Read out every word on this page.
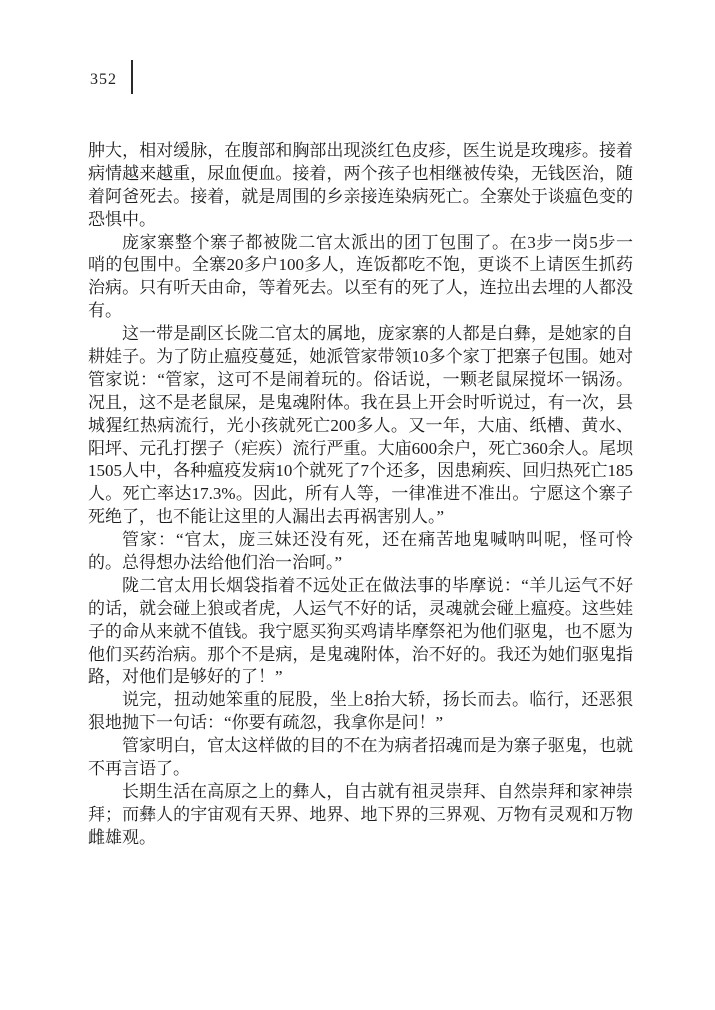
352
肿大，相对缓脉，在腹部和胸部出现淡红色皮疹，医生说是玫瑰疹。接着
病情越来越重，尿血便血。接着，两个孩子也相继被传染，无钱医治，随
着阿爸死去。接着，就是周围的乡亲接连染病死亡。全寨处于谈瘟色变的
恐惧中。
庞家寨整个寨子都被陇二官太派出的团丁包围了。在3步一岗5步一
哨的包围中。全寨20多户100多人，连饭都吃不饱，更谈不上请医生抓药
治病。只有听天由命，等着死去。以至有的死了人，连拉出去埋的人都没
有。
这一带是副区长陇二官太的属地，庞家寨的人都是白彝，是她家的自
耕娃子。为了防止瘟疫蔓延，她派管家带领10多个家丁把寨子包围。她对
管家说：“管家，这可不是闹着玩的。俗话说，一颗老鼠屎搅坏一锅汤。
况且，这不是老鼠屎，是鬼魂附体。我在县上开会时听说过，有一次，县
城猩红热病流行，光小孩就死亡200多人。又一年，大庙、纸槽、黄水、
阳坪、元孔打摆子（疟疾）流行严重。大庙600余户，死亡360余人。尾坝
1505人中，各种瘟疫发病10个就死了7个还多，因患痢疾、回归热死亡185
人。死亡率达17.3%。因此，所有人等，一律准进不准出。宁愿这个寨子
死绝了，也不能让这里的人漏出去再祸害别人。”
管家：“官太，庞三妹还没有死，还在痛苦地鬼喊呐叫呢，怪可怜
的。总得想办法给他们治一治呵。”
陇二官太用长烟袋指着不远处正在做法事的毕摩说：“羊儿运气不好
的话，就会碰上狼或者虎，人运气不好的话，灵魂就会碰上瘟疫。这些娃
子的命从来就不值钱。我宁愿买狗买鸡请毕摩祭祀为他们驱鬼，也不愿为
他们买药治病。那个不是病，是鬼魂附体，治不好的。我还为她们驱鬼指
路，对他们是够好的了！”
说完，扭动她笨重的屁股，坐上8抬大轿，扬长而去。临行，还恶狠
狠地抛下一句话：“你要有疏忽，我拿你是问！”
管家明白，官太这样做的目的不在为病者招魂而是为寨子驱鬼，也就
不再言语了。
长期生活在高原之上的彝人，自古就有祖灵崇拜、自然崇拜和家神崇
拜；而彝人的宇宙观有天界、地界、地下界的三界观、万物有灵观和万物
雌雄观。
